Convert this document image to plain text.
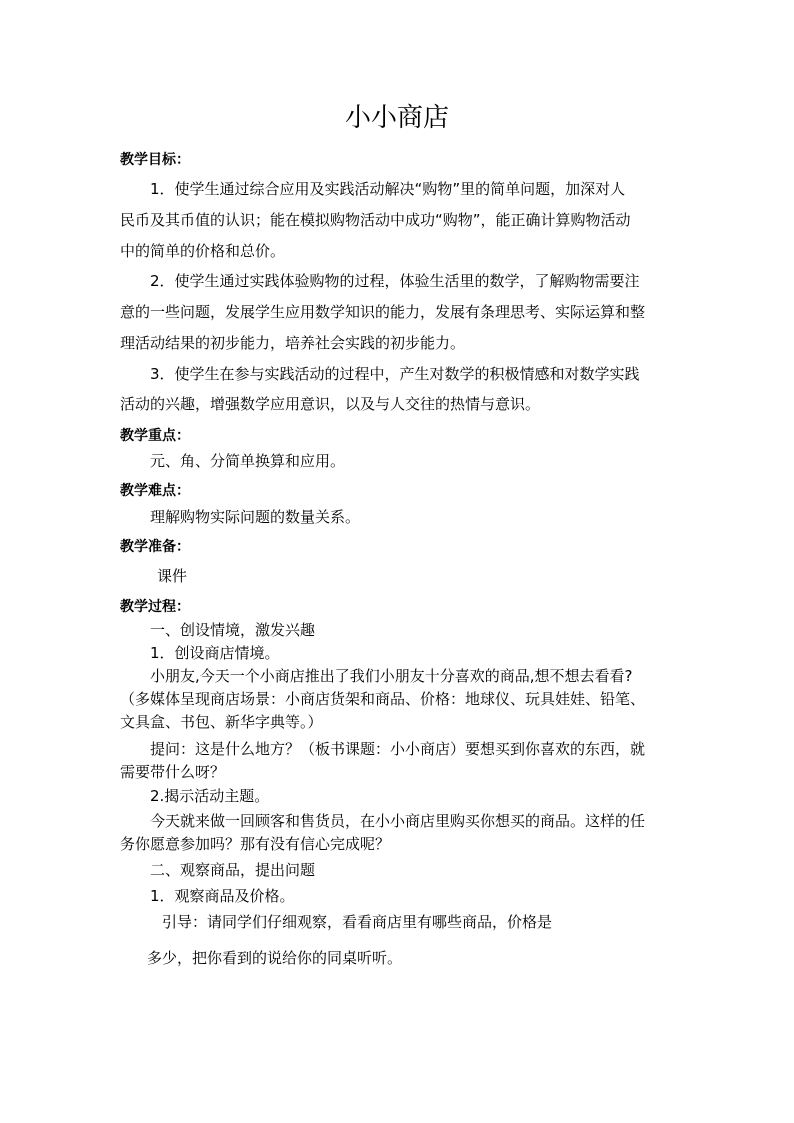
小小商店
教学目标：
1．使学生通过综合应用及实践活动解决“购物”里的简单问题，加深对人
民币及其币值的认识；能在模拟购物活动中成功“购物”，能正确计算购物活动
中的简单的价格和总价。
2．使学生通过实践体验购物的过程，体验生活里的数学，了解购物需要注
意的一些问题，发展学生应用数学知识的能力，发展有条理思考、实际运算和整
理活动结果的初步能力，培养社会实践的初步能力。
3．使学生在参与实践活动的过程中，产生对数学的积极情感和对数学实践
活动的兴趣，增强数学应用意识，以及与人交往的热情与意识。
教学重点：
元、角、分简单换算和应用。
教学难点：
理解购物实际问题的数量关系。
教学准备：
课件
教学过程：
一、创设情境，激发兴趣
1．创设商店情境。
小朋友,今天一个小商店推出了我们小朋友十分喜欢的商品,想不想去看看?
（多媒体呈现商店场景：小商店货架和商品、价格：地球仪、玩具娃娃、铅笔、
文具盒、书包、新华字典等。）
提问：这是什么地方？（板书课题：小小商店）要想买到你喜欢的东西，就
需要带什么呀？
2.揭示活动主题。
今天就来做一回顾客和售货员，在小小商店里购买你想买的商品。这样的任
务你愿意参加吗？那有没有信心完成呢？
二、观察商品，提出问题
1．观察商品及价格。
引导：请同学们仔细观察，看看商店里有哪些商品，价格是
多少，把你看到的说给你的同桌听听。
